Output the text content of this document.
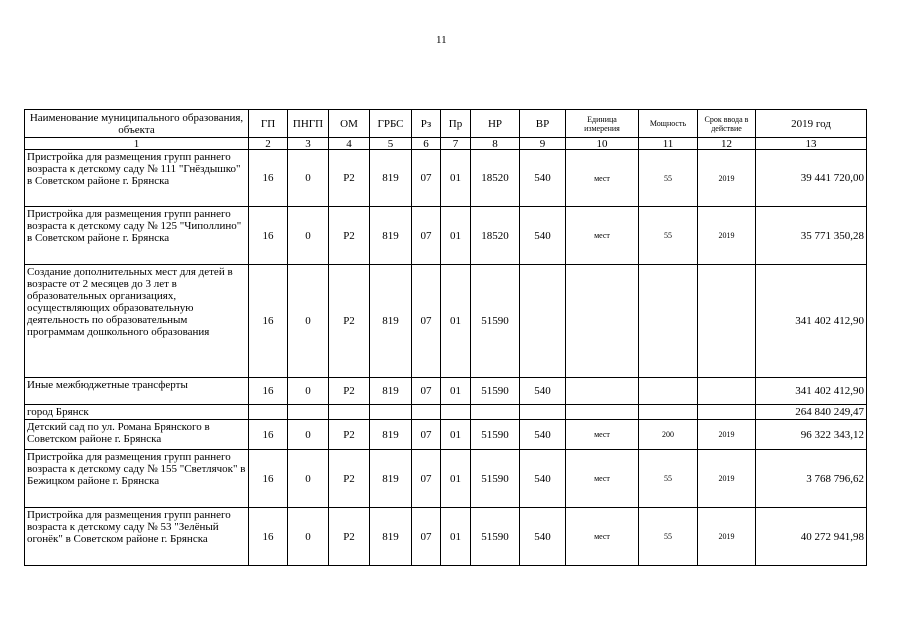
11
Наименование муниципального образования, объекта	ГП	ПНГП	ОМ	ГРБС	Рз	Пр	НР	ВР	Единица измерения	Мощность	Срок ввода в действие	2019 год
1	2	3	4	5	6	7	8	9	10	11	12	13
Пристройка для размещения групп раннего возраста к детскому саду № 111 "Гнёздышко" в Советском районе г. Брянска	16	0	Р2	819	07	01	18520	540	мест	55	2019	39 441 720,00
Пристройка для размещения групп раннего возраста к детскому саду № 125 "Чиполлино" в Советском районе г. Брянска	16	0	Р2	819	07	01	18520	540	мест	55	2019	35 771 350,28
Создание дополнительных мест для детей в возрасте от 2 месяцев до 3 лет в образовательных организациях, осуществляющих образовательную деятельность по образовательным программам дошкольного образования	16	0	Р2	819	07	01	51590					341 402 412,90
Иные межбюджетные трансферты	16	0	Р2	819	07	01	51590	540				341 402 412,90
город Брянск												264 840 249,47
Детский сад по ул. Романа Брянского в Советском районе г. Брянска	16	0	Р2	819	07	01	51590	540	мест	200	2019	96 322 343,12
Пристройка для размещения групп раннего возраста к детскому саду № 155 "Светлячок" в Бежицком районе г. Брянска	16	0	Р2	819	07	01	51590	540	мест	55	2019	3 768 796,62
Пристройка для размещения групп раннего возраста к детскому саду № 53 "Зелёный огонёк" в Советском районе г. Брянска	16	0	Р2	819	07	01	51590	540	мест	55	2019	40 272 941,98
